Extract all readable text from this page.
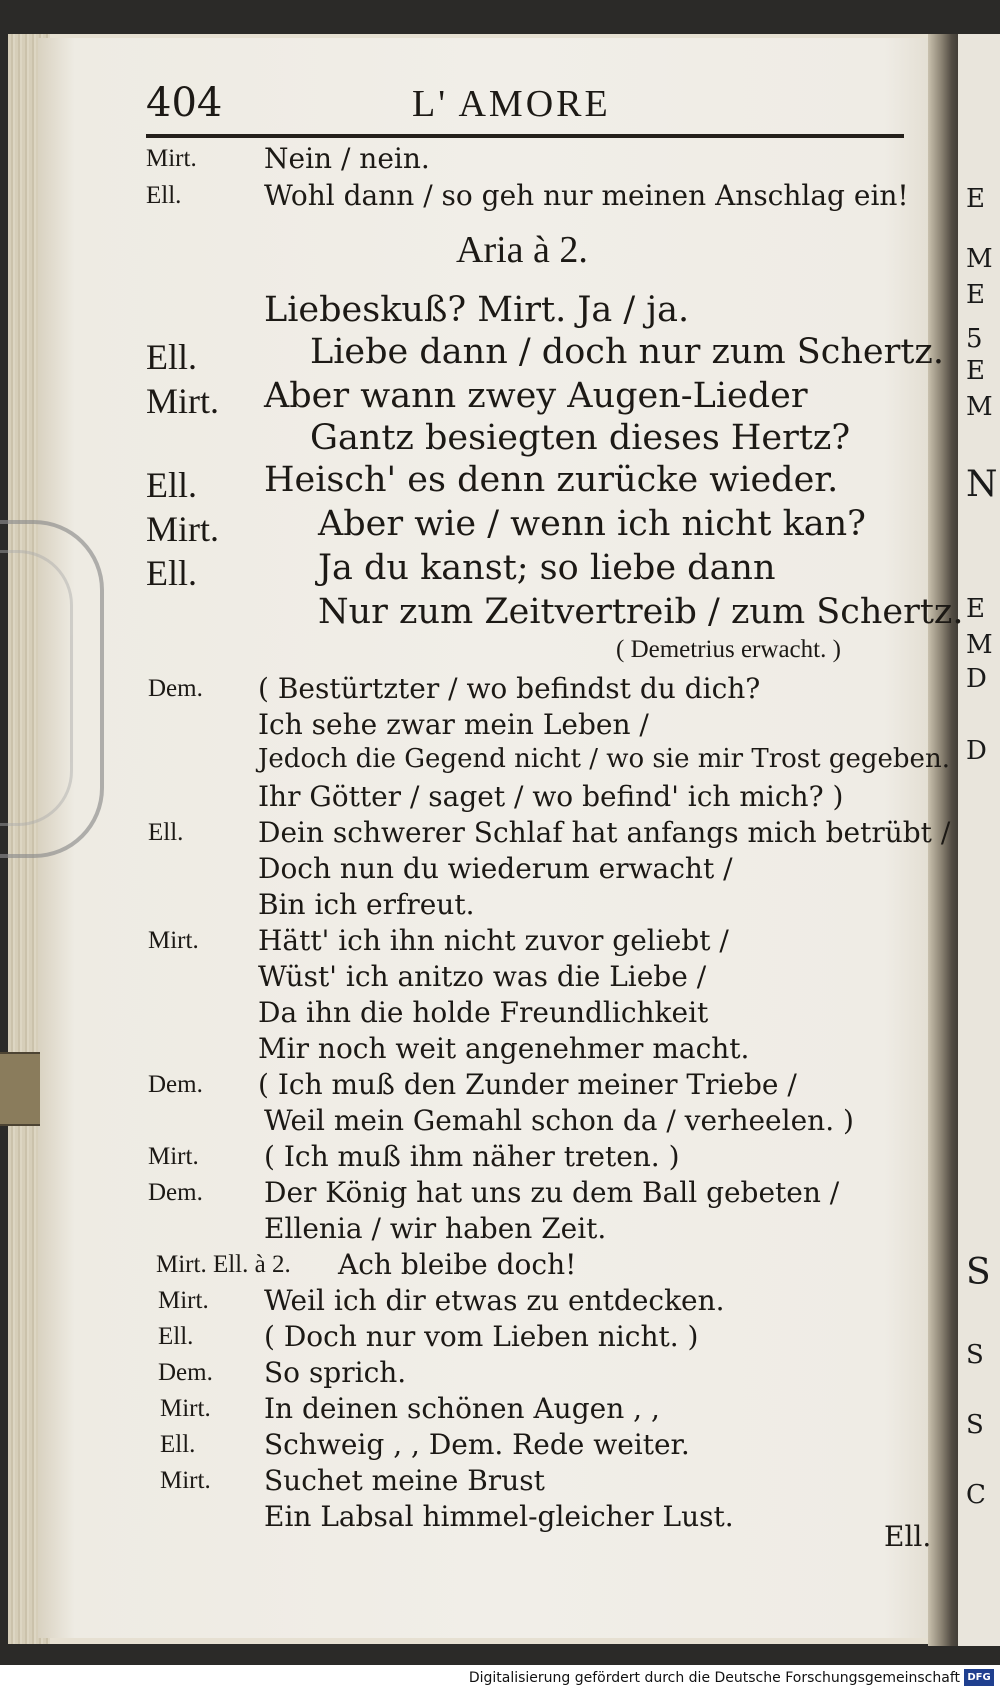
E
M
E
5
E
M
N
E
M
D
D
S
S
S
C
404	L' AMORE
Mirt. Nein / nein.
Ell.	Wohl dann / so geh nur meinen Anschlag ein!
Aria à 2.
Liebeskuß? Mirt. Ja / ja.
Ell.	Liebe dann / doch nur zum Schertz.
Mirt. Aber wann zwey Augen-Lieder
Gantz besiegten dieses Hertz?
Ell. Heisch' es denn zurücke wieder.
Mirt.	Aber wie / wenn ich nicht kan?
Ell.	Ja du kanst; so liebe dann
Nur zum Zeitvertreib / zum Schertz.
( Demetrius erwacht. )
Dem. ( Bestürtzter / wo befindst du dich?
Ich sehe zwar mein Leben /
Jedoch die Gegend nicht / wo sie mir Trost gegeben.
Ihr Götter / saget / wo befind' ich mich? )
Ell.	Dein schwerer Schlaf hat anfangs mich betrübt /
Doch nun du wiederum erwacht /
Bin ich erfreut.
Mirt. Hätt' ich ihn nicht zuvor geliebt /
Wüst' ich anitzo was die Liebe /
Da ihn die holde Freundlichkeit
Mir noch weit angenehmer macht.
Dem. ( Ich muß den Zunder meiner Triebe /
Weil mein Gemahl schon da / verheelen. )
Mirt. ( Ich muß ihm näher treten. )
Dem. Der König hat uns zu dem Ball gebeten /
Ellenia / wir haben Zeit.
Mirt. Ell. à 2. Ach bleibe doch!
Mirt. Weil ich dir etwas zu entdecken.
Ell.	( Doch nur vom Lieben nicht. )
Dem. So sprich.
Mirt. In deinen schönen Augen , ,
Ell. Schweig , , Dem. Rede weiter.
Mirt. Suchet meine Brust
Ein Labsal himmel-gleicher Lust.
Ell.
Digitalisierung gefördert durch die Deutsche Forschungsgemeinschaft DFG
